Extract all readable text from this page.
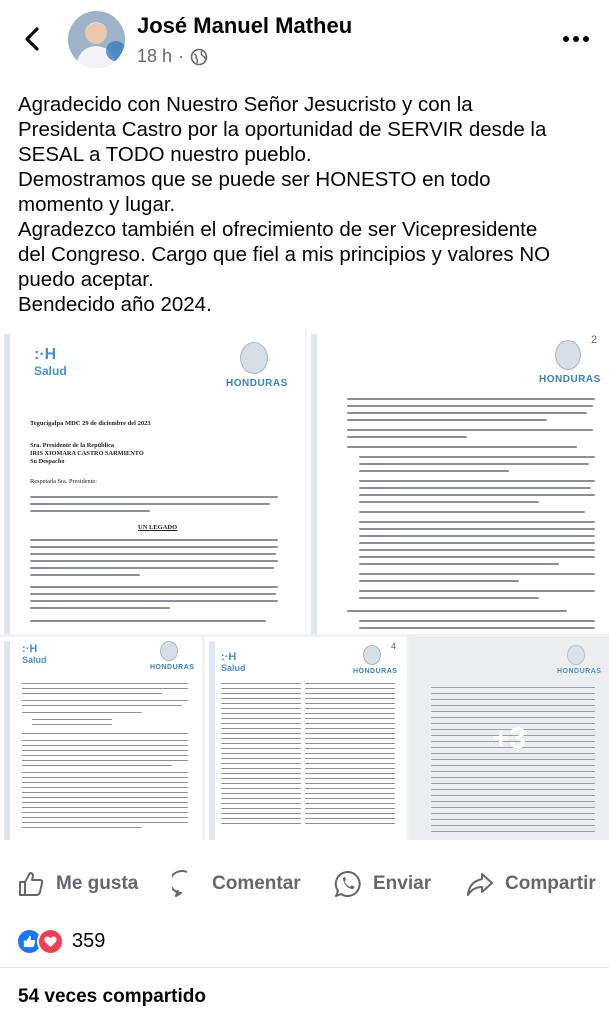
José Manuel Matheu
18 h ·
Agradecido con Nuestro Señor Jesucristo y con la
Presidenta Castro por la oportunidad de SERVIR desde la
SESAL a TODO nuestro pueblo.
Demostramos que se puede ser HONESTO en todo
momento y lugar.
Agradezco también el ofrecimiento de ser Vicepresidente
del Congreso. Cargo que fiel a mis principios y valores NO
puedo aceptar.
Bendecido año 2024.
:·H
Salud
HONDURAS
Tegucigalpa MDC 29 de diciembre del 2023
Sra. Presidente de la República
IRIS XIOMARA CASTRO SARMIENTO
Su Despacho
Respetada Sra. Presidente:
UN LEGADO
2
HONDURAS
:·H
Salud
HONDURAS
4
:·H
Salud	HONDURAS	HONDURAS
+3
Me gusta	Comentar	Enviar	Compartir
359
54 veces compartido
